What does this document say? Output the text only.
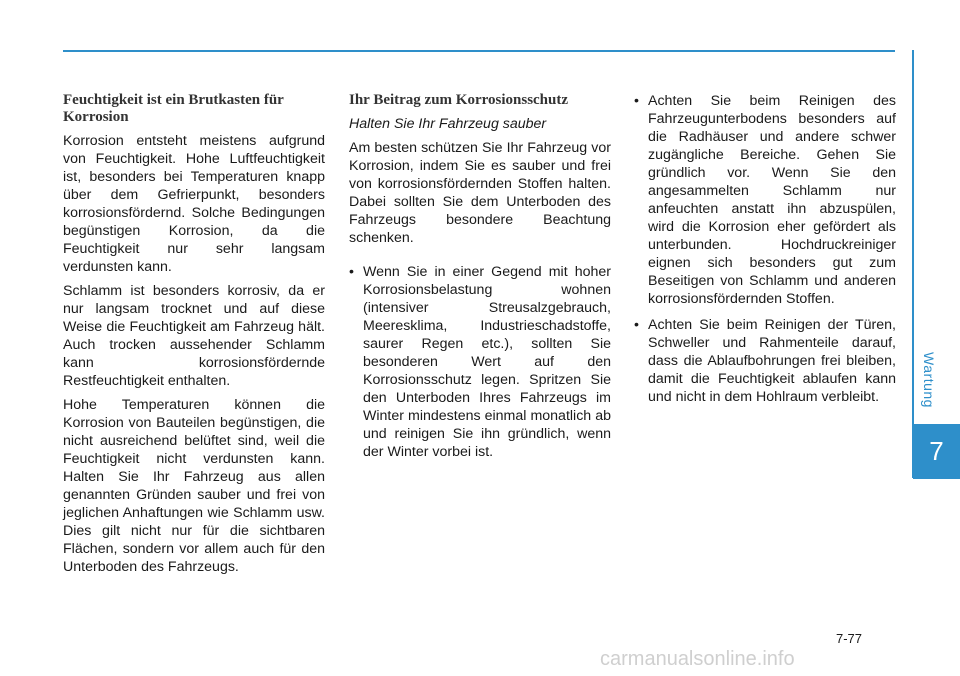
Wartung
7
Feuchtigkeit ist ein Brutkasten für Korrosion

Korrosion entsteht meistens aufgrund von Feuchtigkeit. Hohe Luftfeuchtigkeit ist, besonders bei Temperaturen knapp über dem Gefrierpunkt, besonders korrosionsfördernd. Solche Bedingungen begünstigen Korrosion, da die Feuchtigkeit nur sehr langsam verdunsten kann.

Schlamm ist besonders korrosiv, da er nur langsam trocknet und auf diese Weise die Feuchtigkeit am Fahrzeug hält. Auch trocken aussehender Schlamm kann korrosionsfördernde Restfeuchtigkeit enthalten.

Hohe Temperaturen können die Korrosion von Bauteilen begünstigen, die nicht ausreichend belüftet sind, weil die Feuchtigkeit nicht verdunsten kann. Halten Sie Ihr Fahrzeug aus allen genannten Gründen sauber und frei von jeglichen Anhaftungen wie Schlamm usw. Dies gilt nicht nur für die sichtbaren Flächen, sondern vor allem auch für den Unterboden des Fahrzeugs.

Ihr Beitrag zum Korrosionsschutz
Halten Sie Ihr Fahrzeug sauber

Am besten schützen Sie Ihr Fahrzeug vor Korrosion, indem Sie es sauber und frei von korrosionsfördernden Stoffen halten. Dabei sollten Sie dem Unterboden des Fahrzeugs besondere Beachtung schenken.

• Wenn Sie in einer Gegend mit hoher Korrosionsbelastung wohnen (intensiver Streusalzgebrauch, Meeresklima, Industrieschadstoffe, saurer Regen etc.), sollten Sie besonderen Wert auf den Korrosionsschutz legen. Spritzen Sie den Unterboden Ihres Fahrzeugs im Winter mindestens einmal monatlich ab und reinigen Sie ihn gründlich, wenn der Winter vorbei ist.
• Achten Sie beim Reinigen des Fahrzeugunterbodens besonders auf die Radhäuser und andere schwer zugängliche Bereiche. Gehen Sie gründlich vor. Wenn Sie den angesammelten Schlamm nur anfeuchten anstatt ihn abzuspülen, wird die Korrosion eher gefördert als unterbunden. Hochdruckreiniger eignen sich besonders gut zum Beseitigen von Schlamm und anderen korrosionsfördernden Stoffen.
• Achten Sie beim Reinigen der Türen, Schweller und Rahmenteile darauf, dass die Ablaufbohrungen frei bleiben, damit die Feuchtigkeit ablaufen kann und nicht in dem Hohlraum verbleibt.
7-77
carmanualsonline.info
